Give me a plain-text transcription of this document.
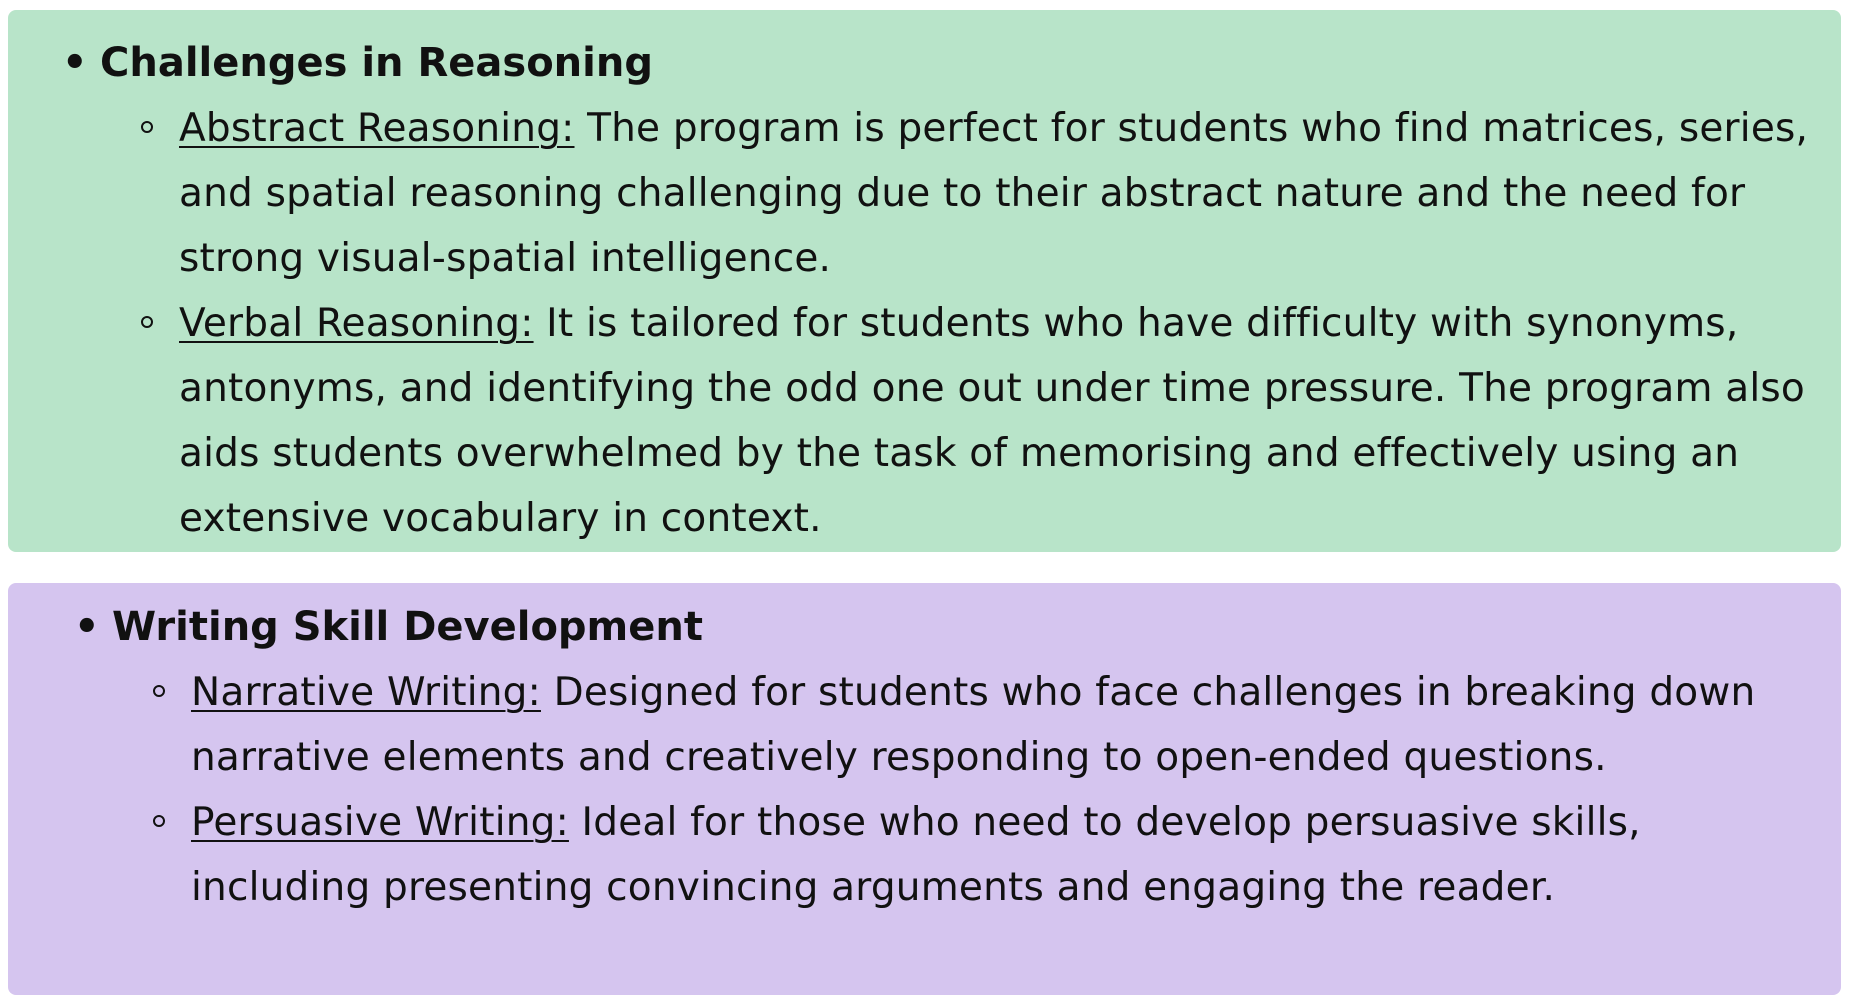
• Challenges in Reasoning
Abstract Reasoning: The program is perfect for students who find matrices, series, and spatial reasoning challenging due to their abstract nature and the need for strong visual-spatial intelligence.
Verbal Reasoning: It is tailored for students who have difficulty with synonyms, antonyms, and identifying the odd one out under time pressure. The program also aids students overwhelmed by the task of memorising and effectively using an extensive vocabulary in context.
• Writing Skill Development
Narrative Writing: Designed for students who face challenges in breaking down narrative elements and creatively responding to open-ended questions.
Persuasive Writing: Ideal for those who need to develop persuasive skills, including presenting convincing arguments and engaging the reader.
